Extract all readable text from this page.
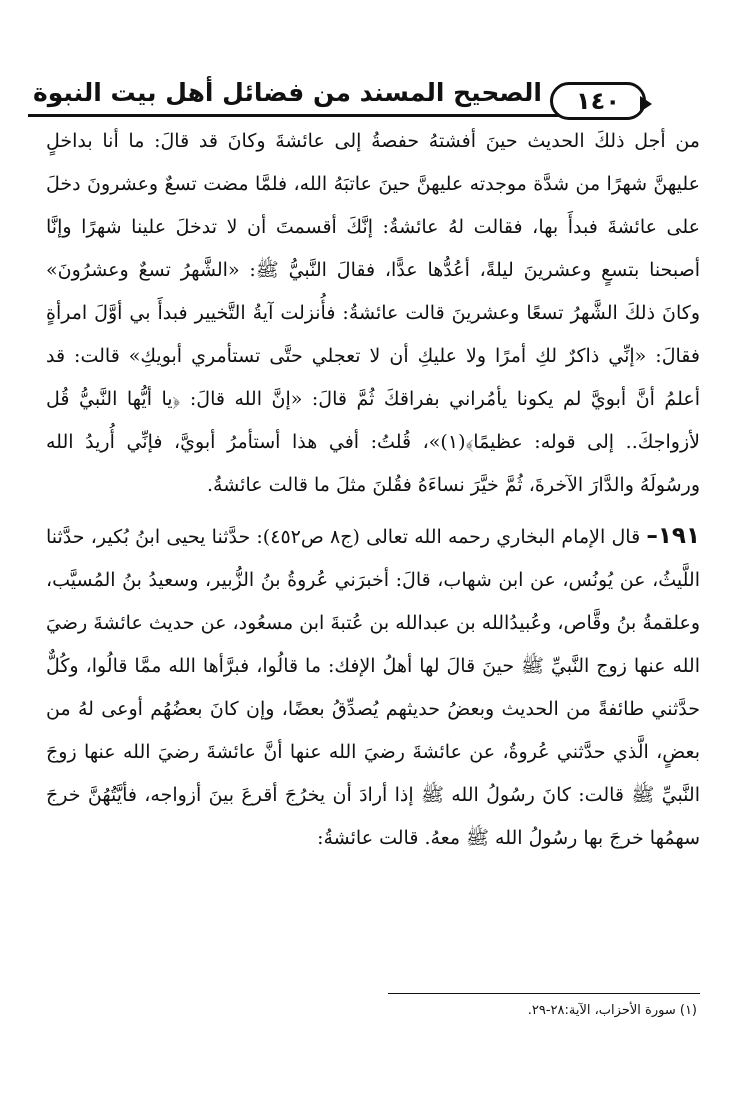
الصحيح المسند من فضائل أهل بيت النبوة	١٤٠

من أجل ذلكَ الحديث حينَ أفشتهُ حفصةُ إلى عائشةَ وكانَ قد قالَ: ما أنا بداخلٍ عليهنَّ شهرًا من شدَّة موجدته عليهنَّ حينَ عاتبَهُ الله، فلمَّا مضت تسعٌ وعشرونَ دخلَ على عائشةَ فبدأَ بها، فقالت لهُ عائشةُ: إنَّكَ أقسمتَ أن لا تدخلَ علينا شهرًا وإنَّا أصبحنا بتسعٍ وعشرينَ ليلةً، أعُدُّها عدًّا، فقالَ النَّبيُّ ﷺ: «الشَّهرُ تسعٌ وعشرُونَ» وكانَ ذلكَ الشَّهرُ تسعًا وعشرينَ قالت عائشةُ: فأُنزلت آيةُ التَّخيير فبدأَ بي أوَّلَ امرأةٍ فقالَ: «إنِّي ذاكرٌ لكِ أمرًا ولا عليكِ أن لا تعجلي حتَّى تستأمري أبويكِ» قالت: قد أعلمُ أنَّ أبويَّ لم يكونا يأمُراني بفراقكَ ثُمَّ قالَ: «إنَّ الله قالَ: ﴿يا أيُّها النَّبيُّ قُل لأزواجكَ.. إلى قوله: عظيمًا﴾(١)»، قُلتُ: أفي هذا أستأمرُ أبويَّ، فإنِّي أُريدُ الله ورسُولَهُ والدَّارَ الآخرةَ، ثُمَّ خيَّرَ نساءَهُ فقُلنَ مثلَ ما قالت عائشةُ.

١٩١– قال الإمام البخاري رحمه الله تعالى (ج٨ ص٤٥٢): حدَّثنا يحيى ابنُ بُكير، حدَّثنا اللَّيثُ، عن يُونُس، عن ابن شهاب، قالَ: أخبرَني عُروةُ بنُ الزُّبير، وسعيدُ بنُ المُسيَّب، وعلقمةُ بنُ وقَّاص، وعُبيدُالله بن عبدالله بن عُتبةَ ابن مسعُود، عن حديث عائشةَ رضيَ الله عنها زوج النَّبيِّ ﷺ حينَ قالَ لها أهلُ الإفك: ما قالُوا، فبرَّأها الله ممَّا قالُوا، وكُلٌّ حدَّثني طائفةً من الحديث وبعضُ حديثهم يُصدِّقُ بعضًا، وإن كانَ بعضُهُم أوعى لهُ من بعضٍ، الَّذي حدَّثني عُروةُ، عن عائشةَ رضيَ الله عنها أنَّ عائشةَ رضيَ الله عنها زوجَ النَّبيِّ ﷺ قالت: كانَ رسُولُ الله ﷺ إذا أرادَ أن يخرُجَ أقرعَ بينَ أزواجه، فأيَّتُهُنَّ خرجَ سهمُها خرجَ بها رسُولُ الله ﷺ معهُ. قالت عائشةُ:

(١) سورة الأحزاب، الآية:٢٨-٢٩.
